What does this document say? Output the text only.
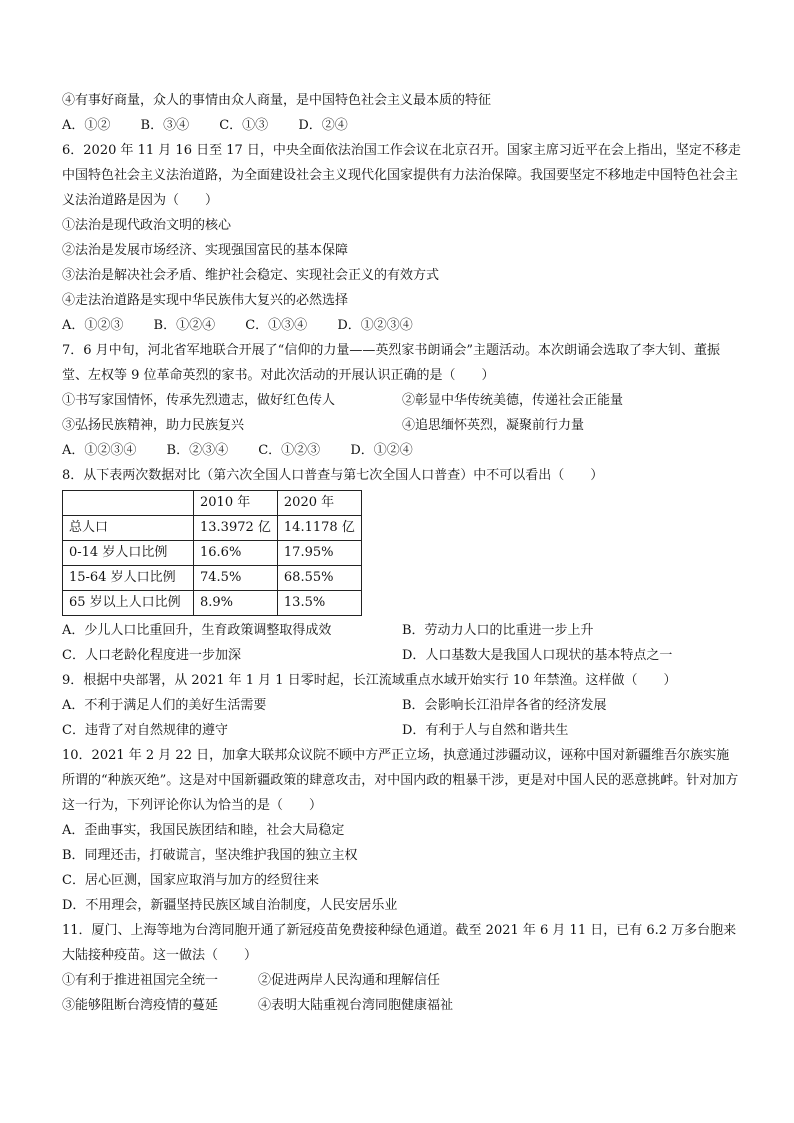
④有事好商量，众人的事情由众人商量，是中国特色社会主义最本质的特征
A．①② B．③④ C．①③ D．②④
6．2020 年 11 月 16 日至 17 日，中央全面依法治国工作会议在北京召开。国家主席习近平在会上指出，坚定不移走中国特色社会主义法治道路，为全面建设社会主义现代化国家提供有力法治保障。我国要坚定不移地走中国特色社会主义法治道路是因为（　　）
①法治是现代政治文明的核心
②法治是发展市场经济、实现强国富民的基本保障
③法治是解决社会矛盾、维护社会稳定、实现社会正义的有效方式
④走法治道路是实现中华民族伟大复兴的必然选择
A．①②③ B．①②④ C．①③④ D．①②③④
7．6 月中旬，河北省军地联合开展了“信仰的力量——英烈家书朗诵会”主题活动。本次朗诵会选取了李大钊、董振堂、左权等 9 位革命英烈的家书。对此次活动的开展认识正确的是（　　）
①书写家国情怀，传承先烈遗志，做好红色传人	②彰显中华传统美德，传递社会正能量
③弘扬民族精神，助力民族复兴	④追思缅怀英烈，凝聚前行力量
A．①②③④ B．②③④ C．①②③ D．①②④
8．从下表两次数据对比（第六次全国人口普查与第七次全国人口普查）中不可以看出（　　）
	2010 年	2020 年
总人口	13.3972 亿	14.1178 亿
0-14 岁人口比例	16.6%	17.95%
15-64 岁人口比例	74.5%	68.55%
65 岁以上人口比例	8.9%	13.5%
A．少儿人口比重回升，生育政策调整取得成效	B．劳动力人口的比重进一步上升
C．人口老龄化程度进一步加深	D．人口基数大是我国人口现状的基本特点之一
9．根据中央部署，从 2021 年 1 月 1 日零时起，长江流域重点水域开始实行 10 年禁渔。这样做（　　）
A．不利于满足人们的美好生活需要	B．会影响长江沿岸各省的经济发展
C．违背了对自然规律的遵守	D．有利于人与自然和谐共生
10．2021 年 2 月 22 日，加拿大联邦众议院不顾中方严正立场，执意通过涉疆动议，诬称中国对新疆维吾尔族实施所谓的“种族灭绝”。这是对中国新疆政策的肆意攻击，对中国内政的粗暴干涉，更是对中国人民的恶意挑衅。针对加方这一行为，下列评论你认为恰当的是（　　）
A．歪曲事实，我国民族团结和睦，社会大局稳定
B．同理还击，打破谎言，坚决维护我国的独立主权
C．居心叵测，国家应取消与加方的经贸往来
D．不用理会，新疆坚持民族区域自治制度，人民安居乐业
11．厦门、上海等地为台湾同胞开通了新冠疫苗免费接种绿色通道。截至 2021 年 6 月 11 日，已有 6.2 万多台胞来大陆接种疫苗。这一做法（　　）
①有利于推进祖国完全统一	②促进两岸人民沟通和理解信任
③能够阻断台湾疫情的蔓延	④表明大陆重视台湾同胞健康福祉
